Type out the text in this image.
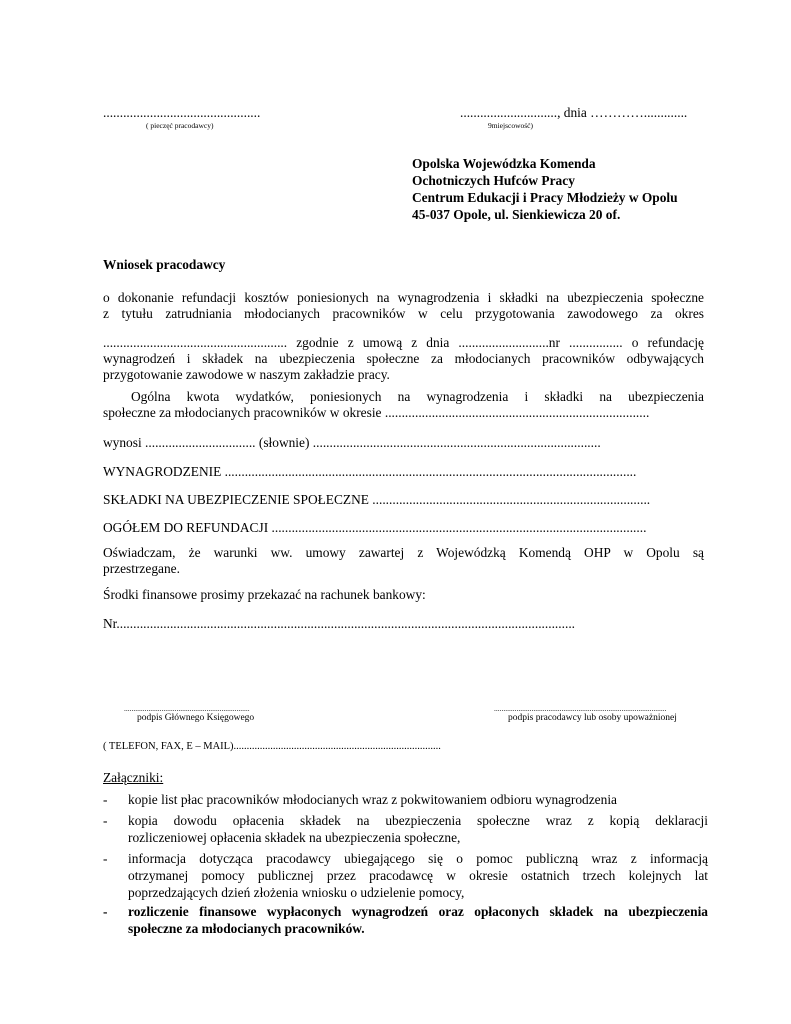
...............................................
( pieczęć pracodawcy)
............................., dnia ………….............
9miejscowość)
Opolska Wojewódzka Komenda
Ochotniczych Hufców Pracy
Centrum Edukacji i Pracy Młodzieży w Opolu
45-037 Opole, ul. Sienkiewicza 20 of.
Wniosek pracodawcy
o dokonanie refundacji kosztów poniesionych na wynagrodzenia i składki na ubezpieczenia społeczne
z tytułu zatrudniania młodocianych pracowników w celu przygotowania zawodowego za okres
....................................................... zgodnie z umową z dnia ...........................nr ................ o refundację
wynagrodzeń i składek na ubezpieczenia społeczne za młodocianych pracowników odbywających
przygotowanie zawodowe w naszym zakładzie pracy.
Ogólna kwota wydatków, poniesionych na wynagrodzenia i składki na ubezpieczenia
społeczne za młodocianych pracowników w okresie ...............................................................................
wynosi ................................. (słownie) ......................................................................................
WYNAGRODZENIE ...........................................................................................................................
SKŁADKI NA UBEZPIECZENIE SPOŁECZNE ...................................................................................
OGÓŁEM DO REFUNDACJI ................................................................................................................
Oświadczam, że warunki ww. umowy zawartej z Wojewódzką Komendą OHP w Opolu są
przestrzegane.
Środki finansowe prosimy przekazać na rachunek bankowy:
Nr.........................................................................................................................................
...................................................................
podpis Głównego Księgowego
............................................................................................
podpis pracodawcy lub osoby upoważnionej
( TELEFON, FAX, E – MAIL)...............................................................................
Załączniki:
- kopie list płac pracowników młodocianych wraz z pokwitowaniem odbioru wynagrodzenia
- kopia dowodu opłacenia składek na ubezpieczenia społeczne wraz z kopią deklaracji
rozliczeniowej opłacenia składek na ubezpieczenia społeczne,
- informacja dotycząca pracodawcy ubiegającego się o pomoc publiczną wraz z informacją
otrzymanej pomocy publicznej przez pracodawcę w okresie ostatnich trzech kolejnych lat
poprzedzających dzień złożenia wniosku o udzielenie pomocy,
- rozliczenie finansowe wypłaconych wynagrodzeń oraz opłaconych składek na ubezpieczenia
społeczne za młodocianych pracowników.
